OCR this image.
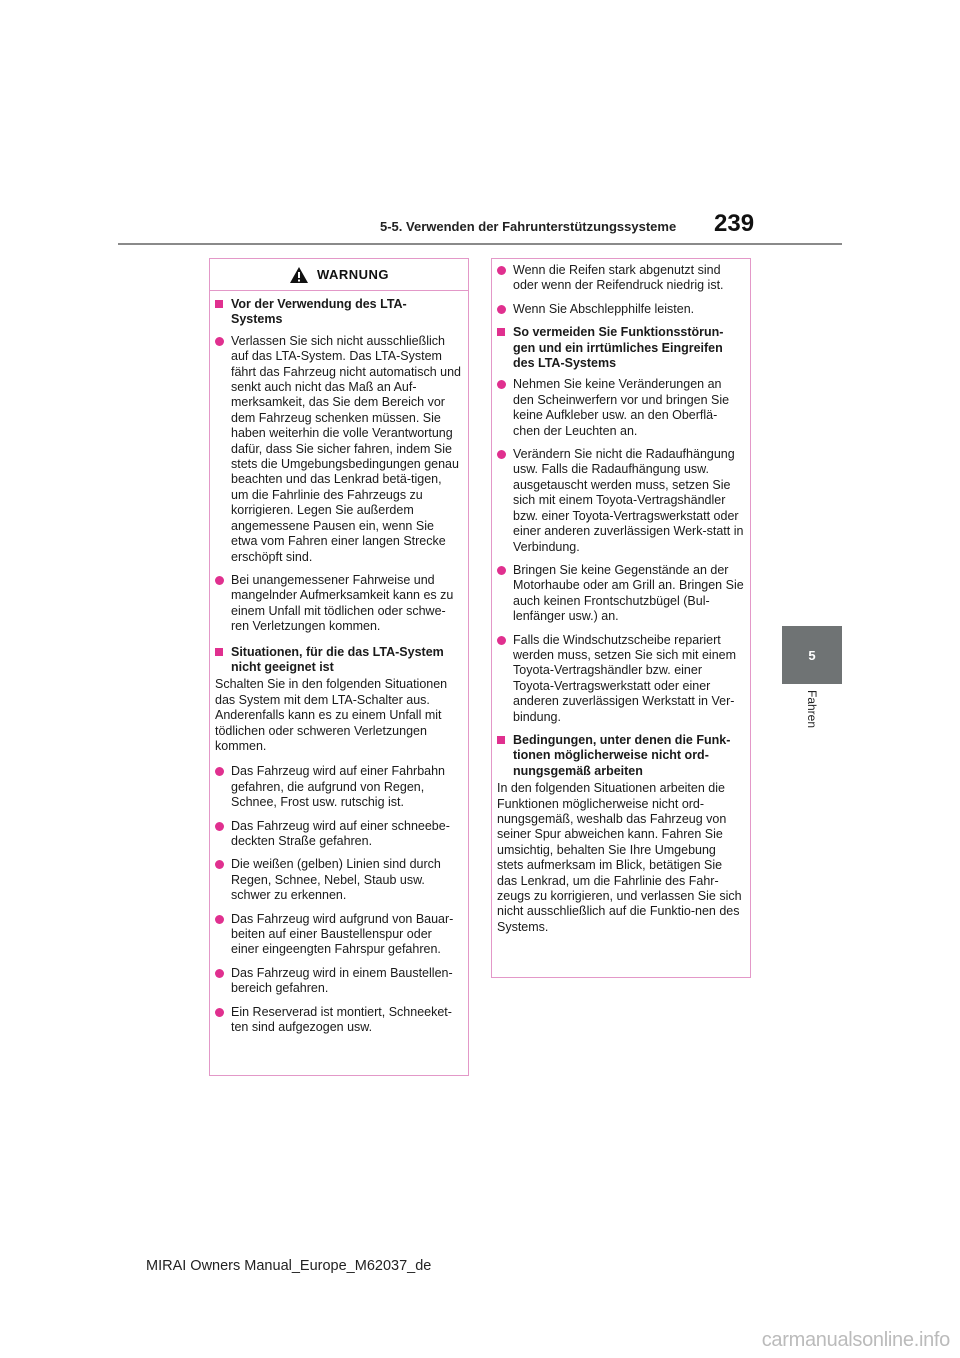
5-5. Verwenden der Fahrunterstützungssysteme	239
5
Fahren
WARNUNG
Vor der Verwendung des LTA-
Systems
Verlassen Sie sich nicht ausschließlich auf das LTA-System. Das LTA-System fährt das Fahrzeug nicht automatisch und senkt auch nicht das Maß an Auf-merksamkeit, das Sie dem Bereich vor dem Fahrzeug schenken müssen. Sie haben weiterhin die volle Verantwortung dafür, dass Sie sicher fahren, indem Sie stets die Umgebungsbedingungen genau beachten und das Lenkrad betä-tigen, um die Fahrlinie des Fahrzeugs zu korrigieren. Legen Sie außerdem angemessene Pausen ein, wenn Sie etwa vom Fahren einer langen Strecke erschöpft sind.
Bei unangemessener Fahrweise und mangelnder Aufmerksamkeit kann es zu einem Unfall mit tödlichen oder schwe-ren Verletzungen kommen.
Situationen, für die das LTA-System nicht geeignet ist

Schalten Sie in den folgenden Situationen das System mit dem LTA-Schalter aus. Anderenfalls kann es zu einem Unfall mit tödlichen oder schweren Verletzungen kommen.

Das Fahrzeug wird auf einer Fahrbahn gefahren, die aufgrund von Regen, Schnee, Frost usw. rutschig ist.
Das Fahrzeug wird auf einer schneebe-deckten Straße gefahren.
Die weißen (gelben) Linien sind durch Regen, Schnee, Nebel, Staub usw. schwer zu erkennen.
Das Fahrzeug wird aufgrund von Bauar-beiten auf einer Baustellenspur oder einer eingeengten Fahrspur gefahren.
Das Fahrzeug wird in einem Baustellen-bereich gefahren.
Ein Reserverad ist montiert, Schneeket-ten sind aufgezogen usw.
Wenn die Reifen stark abgenutzt sind oder wenn der Reifendruck niedrig ist.
Wenn Sie Abschlepphilfe leisten.
So vermeiden Sie Funktionsstörun-gen und ein irrtümliches Eingreifen des LTA-Systems
Nehmen Sie keine Veränderungen an den Scheinwerfern vor und bringen Sie keine Aufkleber usw. an den Oberflä-chen der Leuchten an.
Verändern Sie nicht die Radaufhängung usw. Falls die Radaufhängung usw. ausgetauscht werden muss, setzen Sie sich mit einem Toyota-Vertragshändler bzw. einer Toyota-Vertragswerkstatt oder einer anderen zuverlässigen Werk-statt in Verbindung.
Bringen Sie keine Gegenstände an der Motorhaube oder am Grill an. Bringen Sie auch keinen Frontschutzbügel (Bul-lenfänger usw.) an.
Falls die Windschutzscheibe repariert werden muss, setzen Sie sich mit einem Toyota-Vertragshändler bzw. einer Toyota-Vertragswerkstatt oder einer anderen zuverlässigen Werkstatt in Ver-bindung.
Bedingungen, unter denen die Funk-tionen möglicherweise nicht ord-nungsgemäß arbeiten

In den folgenden Situationen arbeiten die Funktionen möglicherweise nicht ord-nungsgemäß, weshalb das Fahrzeug von seiner Spur abweichen kann. Fahren Sie umsichtig, behalten Sie Ihre Umgebung stets aufmerksam im Blick, betätigen Sie das Lenkrad, um die Fahrlinie des Fahr-zeugs zu korrigieren, und verlassen Sie sich nicht ausschließlich auf die Funktio-nen des Systems.

MIRAI Owners Manual_Europe_M62037_de
carmanualsonline.info
